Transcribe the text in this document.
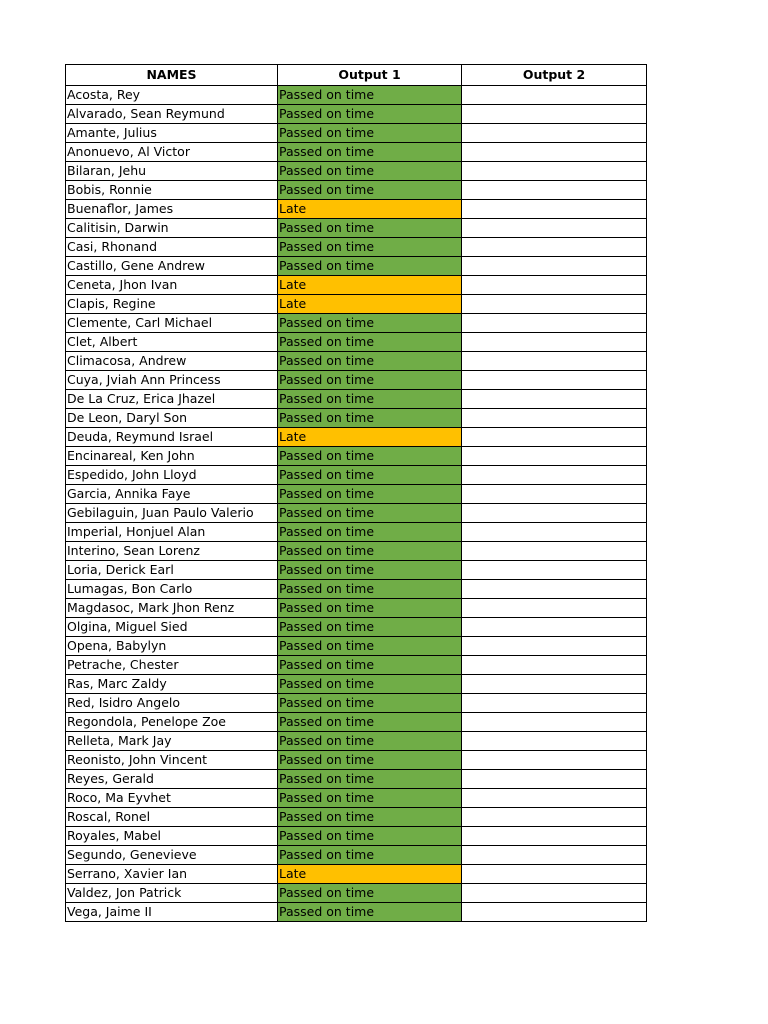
NAMES	Output 1	Output 2
Acosta, Rey	Passed on time	
Alvarado, Sean Reymund	Passed on time	
Amante, Julius	Passed on time	
Anonuevo, Al Victor	Passed on time	
Bilaran, Jehu	Passed on time	
Bobis, Ronnie	Passed on time	
Buenaflor, James	Late	
Calitisin, Darwin	Passed on time	
Casi, Rhonand	Passed on time	
Castillo, Gene Andrew	Passed on time	
Ceneta, Jhon Ivan	Late	
Clapis, Regine	Late	
Clemente, Carl Michael	Passed on time	
Clet, Albert	Passed on time	
Climacosa, Andrew	Passed on time	
Cuya, Jviah Ann Princess	Passed on time	
De La Cruz, Erica Jhazel	Passed on time	
De Leon, Daryl Son	Passed on time	
Deuda, Reymund Israel	Late	
Encinareal, Ken John	Passed on time	
Espedido, John Lloyd	Passed on time	
Garcia, Annika Faye	Passed on time	
Gebilaguin, Juan Paulo Valerio	Passed on time	
Imperial, Honjuel Alan	Passed on time	
Interino, Sean Lorenz	Passed on time	
Loria, Derick Earl	Passed on time	
Lumagas, Bon Carlo	Passed on time	
Magdasoc, Mark Jhon Renz	Passed on time	
Olgina, Miguel Sied	Passed on time	
Opena, Babylyn	Passed on time	
Petrache, Chester	Passed on time	
Ras, Marc Zaldy	Passed on time	
Red, Isidro Angelo	Passed on time	
Regondola, Penelope Zoe	Passed on time	
Relleta, Mark Jay	Passed on time	
Reonisto, John Vincent	Passed on time	
Reyes, Gerald	Passed on time	
Roco, Ma Eyvhet	Passed on time	
Roscal, Ronel	Passed on time	
Royales, Mabel	Passed on time	
Segundo, Genevieve	Passed on time	
Serrano, Xavier Ian	Late	
Valdez, Jon Patrick	Passed on time	
Vega, Jaime II	Passed on time	
